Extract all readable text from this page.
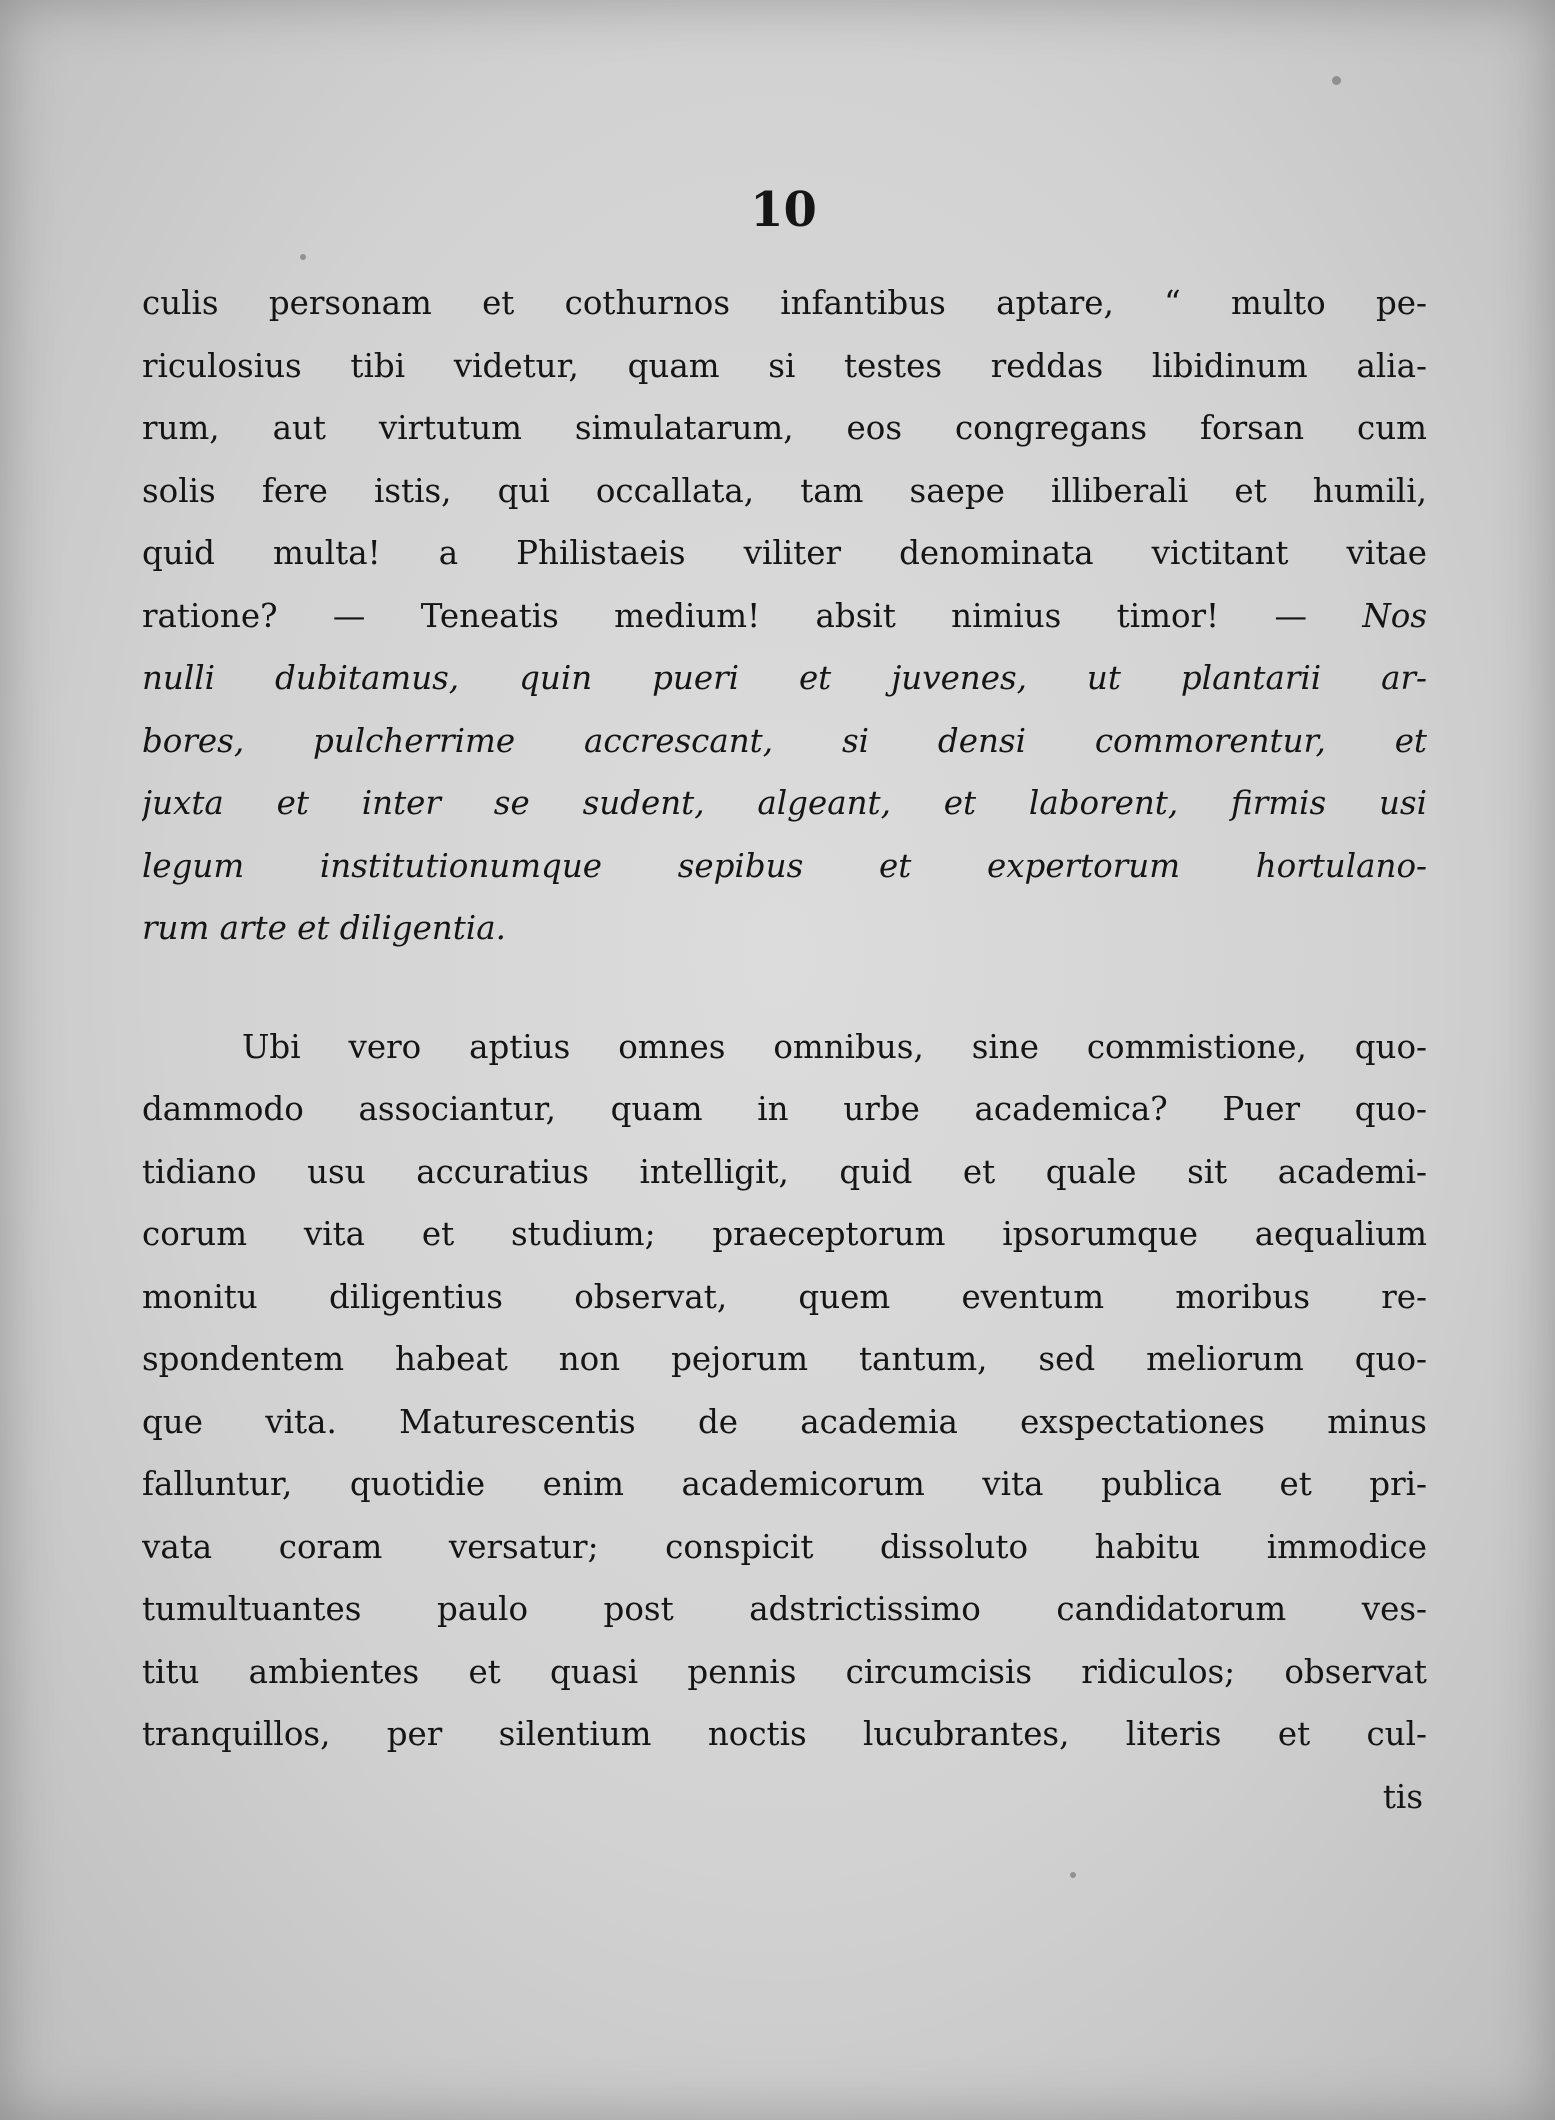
10
culis personam et cothurnos infantibus aptare, “ multo pe-
riculosius tibi videtur, quam si testes reddas libidinum alia-
rum, aut virtutum simulatarum, eos congregans forsan cum
solis fere istis, qui occallata, tam saepe illiberali et humili,
quid multa! a Philistaeis viliter denominata victitant vitae
ratione? — Teneatis medium! absit nimius timor! — Nos
nulli dubitamus, quin pueri et juvenes, ut plantarii ar-
bores, pulcherrime accrescant, si densi commorentur, et
juxta et inter se sudent, algeant, et laborent, firmis usi
legum institutionumque sepibus et expertorum hortulano-
rum arte et diligentia.
Ubi vero aptius omnes omnibus, sine commistione, quo-
dammodo associantur, quam in urbe academica? Puer quo-
tidiano usu accuratius intelligit, quid et quale sit academi-
corum vita et studium; praeceptorum ipsorumque aequalium
monitu diligentius observat, quem eventum moribus re-
spondentem habeat non pejorum tantum, sed meliorum quo-
que vita. Maturescentis de academia exspectationes minus
falluntur, quotidie enim academicorum vita publica et pri-
vata coram versatur; conspicit dissoluto habitu immodice
tumultuantes paulo post adstrictissimo candidatorum ves-
titu ambientes et quasi pennis circumcisis ridiculos; observat
tranquillos, per silentium noctis lucubrantes, literis et cul-
tis
